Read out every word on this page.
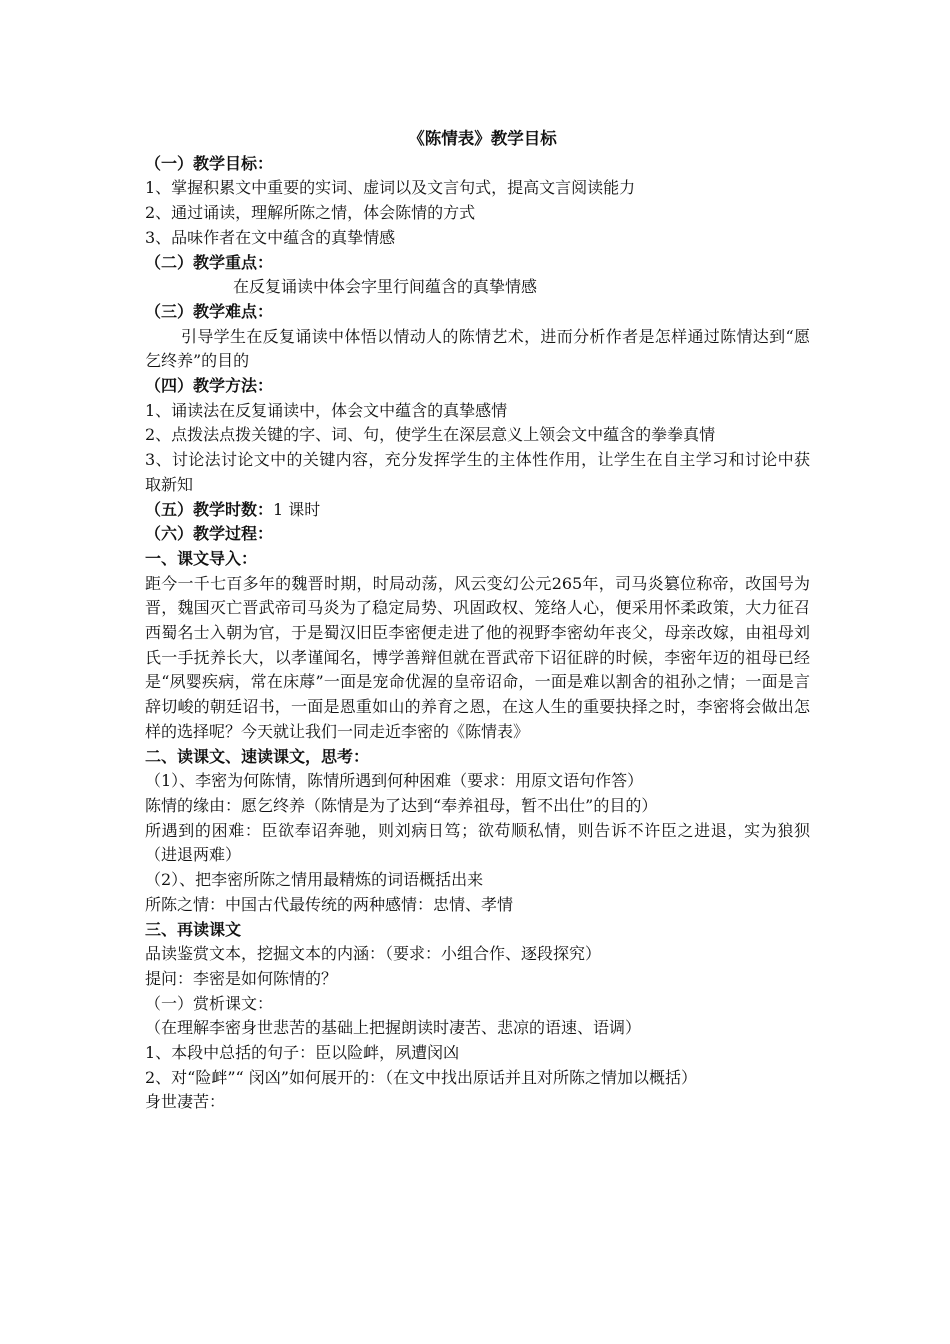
《陈情表》教学目标
（一）教学目标：
1、掌握积累文中重要的实词、虚词以及文言句式，提高文言阅读能力
2、通过诵读，理解所陈之情，体会陈情的方式
3、品味作者在文中蕴含的真挚情感
（二）教学重点：
在反复诵读中体会字里行间蕴含的真挚情感
（三）教学难点：
引导学生在反复诵读中体悟以情动人的陈情艺术，进而分析作者是怎样通过陈情达到“愿乞终养”的目的
（四）教学方法：
1、诵读法在反复诵读中，体会文中蕴含的真挚感情
2、点拨法点拨关键的字、词、句，使学生在深层意义上领会文中蕴含的拳拳真情
3、讨论法讨论文中的关键内容，充分发挥学生的主体性作用，让学生在自主学习和讨论中获取新知
（五）教学时数：1 课时
（六）教学过程：
一、课文导入：
距今一千七百多年的魏晋时期，时局动荡，风云变幻公元265年，司马炎篡位称帝，改国号为晋，魏国灭亡晋武帝司马炎为了稳定局势、巩固政权、笼络人心，便采用怀柔政策，大力征召西蜀名士入朝为官，于是蜀汉旧臣李密便走进了他的视野李密幼年丧父，母亲改嫁，由祖母刘氏一手抚养长大，以孝谨闻名，博学善辩但就在晋武帝下诏征辟的时候，李密年迈的祖母已经是“夙婴疾病，常在床蓐”一面是宠命优渥的皇帝诏命，一面是难以割舍的祖孙之情；一面是言辞切峻的朝廷诏书，一面是恩重如山的养育之恩，在这人生的重要抉择之时，李密将会做出怎样的选择呢？今天就让我们一同走近李密的《陈情表》
二、读课文、速读课文，思考：
（1）、李密为何陈情，陈情所遇到何种困难（要求：用原文语句作答）
陈情的缘由：愿乞终养（陈情是为了达到“奉养祖母，暂不出仕”的目的）
所遇到的困难：臣欲奉诏奔驰，则刘病日笃；欲苟顺私情，则告诉不许臣之进退，实为狼狈（进退两难）
（2）、把李密所陈之情用最精炼的词语概括出来
所陈之情：中国古代最传统的两种感情：忠情、孝情
三、再读课文
品读鉴赏文本，挖掘文本的内涵：（要求：小组合作、逐段探究）
提问：李密是如何陈情的？
（一）赏析课文：
（在理解李密身世悲苦的基础上把握朗读时凄苦、悲凉的语速、语调）
1、本段中总括的句子：臣以险衅，夙遭闵凶
2、对“险衅”“ 闵凶”如何展开的：（在文中找出原话并且对所陈之情加以概括）
身世凄苦：
